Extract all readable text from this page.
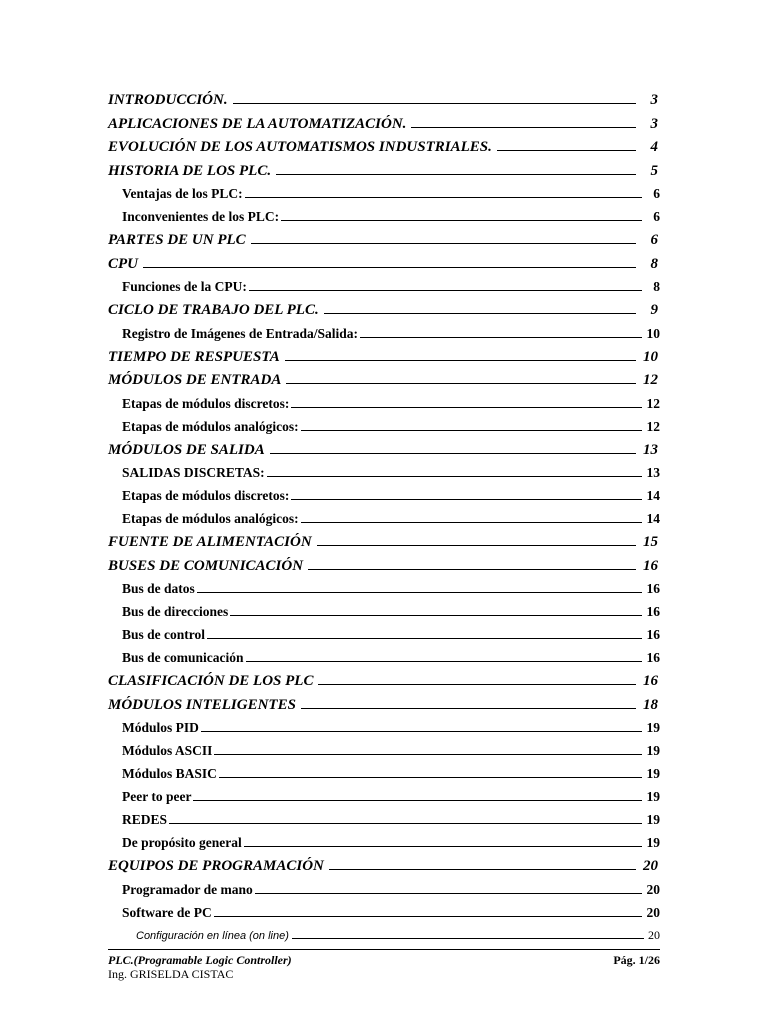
INTRODUCCIÓN.	3
APLICACIONES DE LA AUTOMATIZACIÓN.	3
EVOLUCIÓN DE LOS AUTOMATISMOS INDUSTRIALES.	4
HISTORIA DE LOS PLC.	5
Ventajas de los PLC:	6
Inconvenientes de los PLC:	6
PARTES DE UN PLC	6
CPU	8
Funciones de la CPU:	8
CICLO DE TRABAJO DEL PLC.	9
Registro de Imágenes de Entrada/Salida:	10
TIEMPO DE RESPUESTA	10
MÓDULOS DE ENTRADA	12
Etapas de módulos discretos:	12
Etapas de módulos analógicos:	12
MÓDULOS DE SALIDA	13
SALIDAS DISCRETAS:	13
Etapas de módulos discretos:	14
Etapas de módulos analógicos:	14
FUENTE DE ALIMENTACIÓN	15
BUSES DE COMUNICACIÓN	16
Bus de datos	16
Bus de direcciones	16
Bus de control	16
Bus de comunicación	16
CLASIFICACIÓN DE LOS PLC	16
MÓDULOS INTELIGENTES	18
Módulos PID	19
Módulos ASCII	19
Módulos BASIC	19
Peer to peer	19
REDES	19
De propósito general	19
EQUIPOS DE PROGRAMACIÓN	20
Programador de mano	20
Software de PC	20
Configuración en línea (on line)	20
PLC.(Programable Logic Controller)	Pág. 1/26
Ing. GRISELDA CISTAC
